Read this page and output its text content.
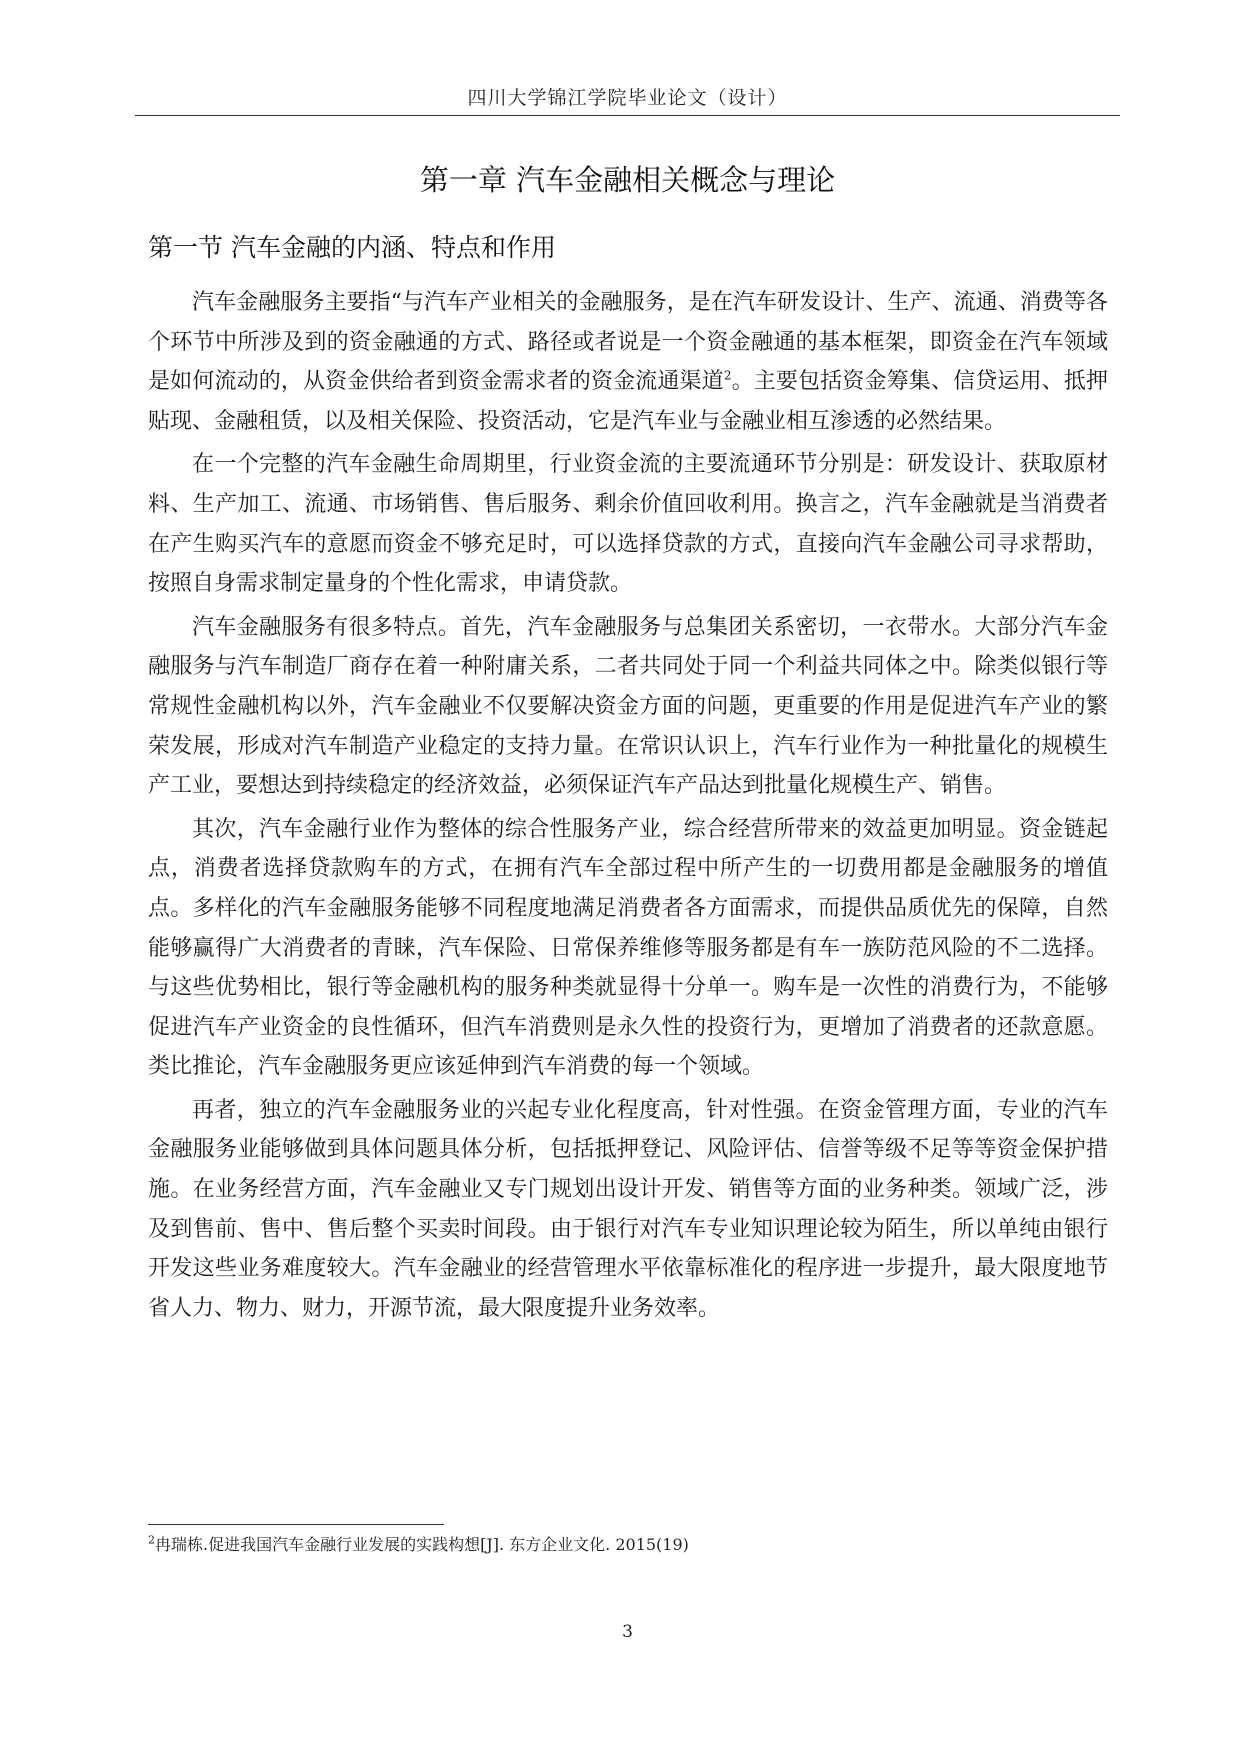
四川大学锦江学院毕业论文（设计）
第一章 汽车金融相关概念与理论
第一节 汽车金融的内涵、特点和作用

汽车金融服务主要指“与汽车产业相关的金融服务，是在汽车研发设计、生产、流通、消费等各个环节中所涉及到的资金融通的方式、路径或者说是一个资金融通的基本框架，即资金在汽车领域是如何流动的，从资金供给者到资金需求者的资金流通渠道$^2$。主要包括资金筹集、信贷运用、抵押贴现、金融租赁，以及相关保险、投资活动，它是汽车业与金融业相互渗透的必然结果。

在一个完整的汽车金融生命周期里，行业资金流的主要流通环节分别是：研发设计、获取原材料、生产加工、流通、市场销售、售后服务、剩余价值回收利用。换言之，汽车金融就是当消费者在产生购买汽车的意愿而资金不够充足时，可以选择贷款的方式，直接向汽车金融公司寻求帮助，按照自身需求制定量身的个性化需求，申请贷款。

汽车金融服务有很多特点。首先，汽车金融服务与总集团关系密切，一衣带水。大部分汽车金融服务与汽车制造厂商存在着一种附庸关系，二者共同处于同一个利益共同体之中。除类似银行等常规性金融机构以外，汽车金融业不仅要解决资金方面的问题，更重要的作用是促进汽车产业的繁荣发展，形成对汽车制造产业稳定的支持力量。在常识认识上，汽车行业作为一种批量化的规模生产工业，要想达到持续稳定的经济效益，必须保证汽车产品达到批量化规模生产、销售。

其次，汽车金融行业作为整体的综合性服务产业，综合经营所带来的效益更加明显。资金链起点，消费者选择贷款购车的方式，在拥有汽车全部过程中所产生的一切费用都是金融服务的增值点。多样化的汽车金融服务能够不同程度地满足消费者各方面需求，而提供品质优先的保障，自然能够赢得广大消费者的青睐，汽车保险、日常保养维修等服务都是有车一族防范风险的不二选择。与这些优势相比，银行等金融机构的服务种类就显得十分单一。购车是一次性的消费行为，不能够促进汽车产业资金的良性循环，但汽车消费则是永久性的投资行为，更增加了消费者的还款意愿。类比推论，汽车金融服务更应该延伸到汽车消费的每一个领域。

再者，独立的汽车金融服务业的兴起专业化程度高，针对性强。在资金管理方面，专业的汽车金融服务业能够做到具体问题具体分析，包括抵押登记、风险评估、信誉等级不足等等资金保护措施。在业务经营方面，汽车金融业又专门规划出设计开发、销售等方面的业务种类。领域广泛，涉及到售前、售中、售后整个买卖时间段。由于银行对汽车专业知识理论较为陌生，所以单纯由银行开发这些业务难度较大。汽车金融业的经营管理水平依靠标准化的程序进一步提升，最大限度地节省人力、物力、财力，开源节流，最大限度提升业务效率。

$^2$冉瑞栋.促进我国汽车金融行业发展的实践构想[J]. 东方企业文化. 2015(19)
3
